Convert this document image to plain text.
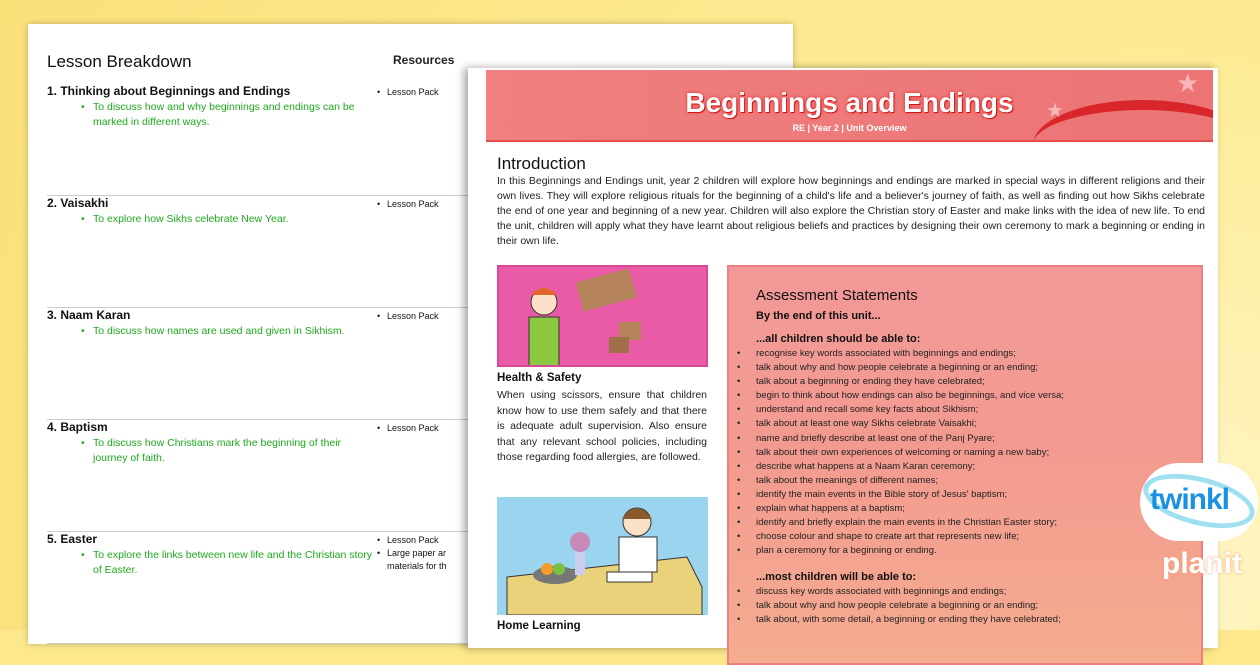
Lesson Breakdown	Resources
1. Thinking about Beginnings and Endings
• To discuss how and why beginnings and endings can be marked in different ways.
• Lesson Pack
2. Vaisakhi
• To explore how Sikhs celebrate New Year.
• Lesson Pack
3. Naam Karan
• To discuss how names are used and given in Sikhism.
• Lesson Pack
4. Baptism
• To discuss how Christians mark the beginning of their journey of faith.
• Lesson Pack
5. Easter
• To explore the links between new life and the Christian story of Easter.
• Lesson Pack
• Large paper ar materials for th
★
★
Beginnings and Endings
RE | Year 2 | Unit Overview
Introduction
In this Beginnings and Endings unit, year 2 children will explore how beginnings and endings are marked in special ways in different religions and their own lives. They will explore religious rituals for the beginning of a child's life and a believer's journey of faith, as well as finding out how Sikhs celebrate the end of one year and beginning of a new year. Children will also explore the Christian story of Easter and make links with the idea of new life. To end the unit, children will apply what they have learnt about religious beliefs and practices by designing their own ceremony to mark a beginning or ending in their own life.
Health & Safety
When using scissors, ensure that children know how to use them safely and that there is adequate adult supervision. Also ensure that any relevant school policies, including those regarding food allergies, are followed.
Home Learning
Assessment Statements
By the end of this unit...
...all children should be able to:
• recognise key words associated with beginnings and endings;
• talk about why and how people celebrate a beginning or an ending;
• talk about a beginning or ending they have celebrated;
• begin to think about how endings can also be beginnings, and vice versa;
• understand and recall some key facts about Sikhism;
• talk about at least one way Sikhs celebrate Vaisakhi;
• name and briefly describe at least one of the Panj Pyare;
• talk about their own experiences of welcoming or naming a new baby;
• describe what happens at a Naam Karan ceremony;
• talk about the meanings of different names;
• identify the main events in the Bible story of Jesus' baptism;
• explain what happens at a baptism;
• identify and briefly explain the main events in the Christian Easter story;
• choose colour and shape to create art that represents new life;
• plan a ceremony for a beginning or ending.
...most children will be able to:
• discuss key words associated with beginnings and endings;
• talk about why and how people celebrate a beginning or an ending;
• talk about, with some detail, a beginning or ending they have celebrated;
twinkl
planit
